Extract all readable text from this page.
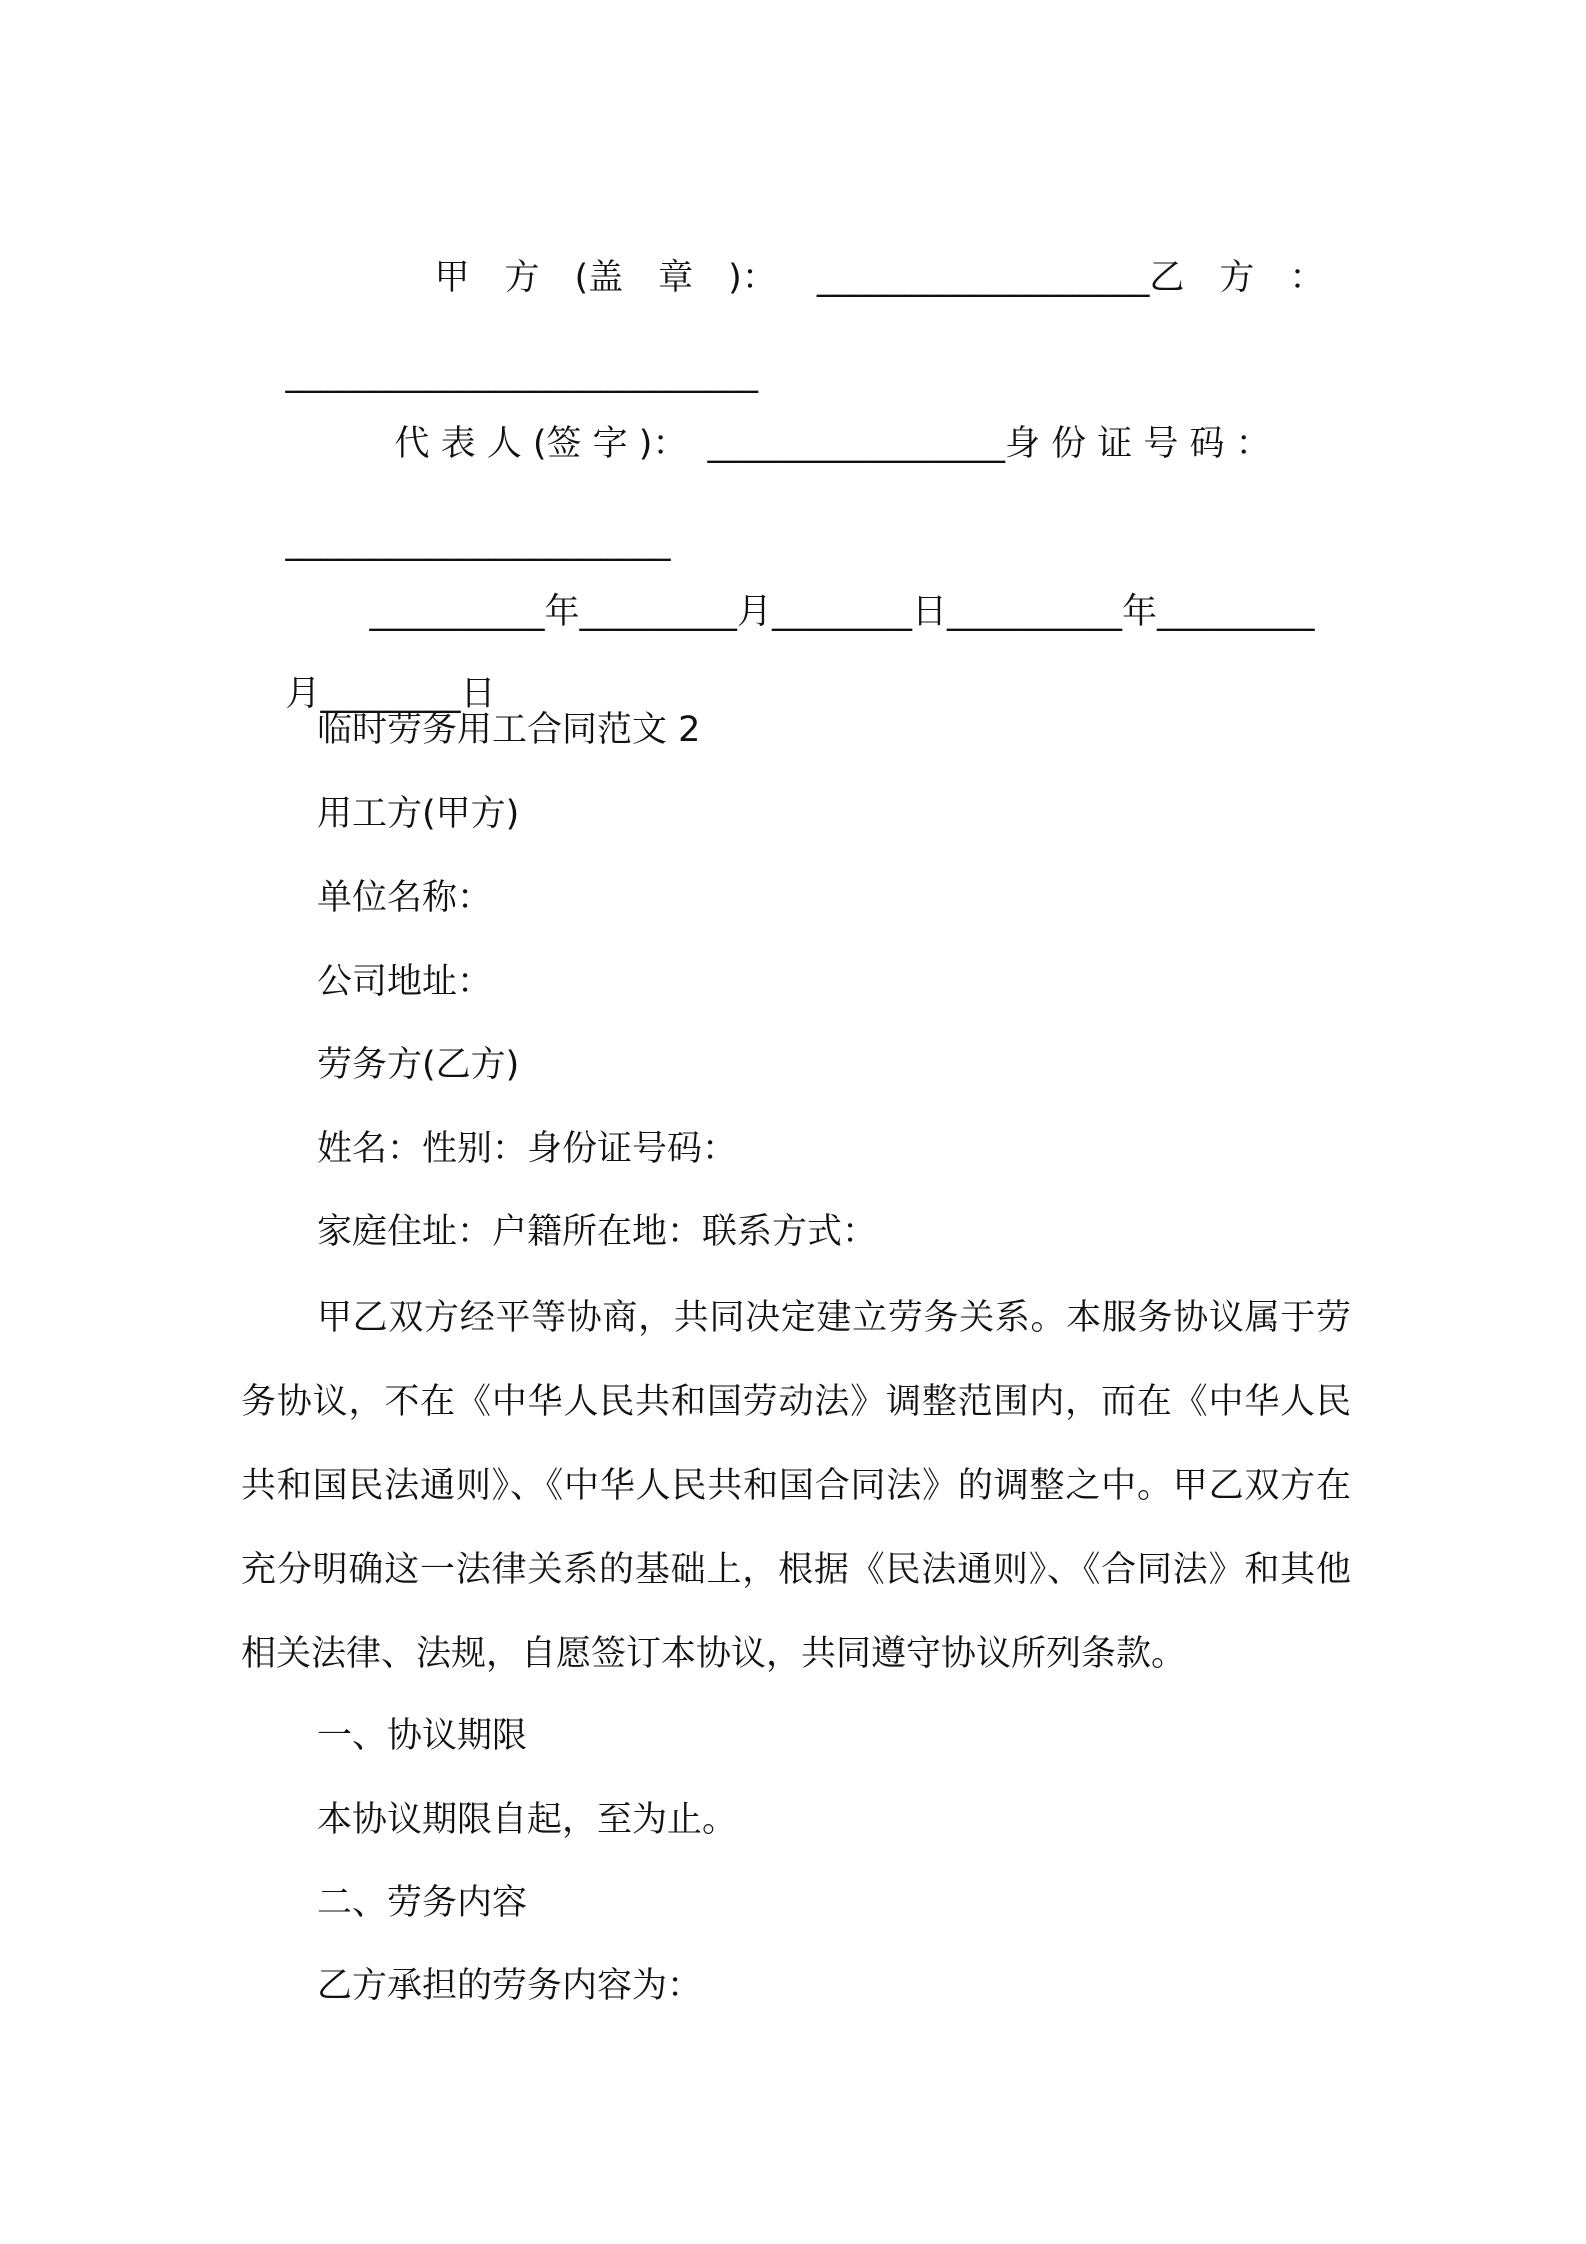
甲　方　(盖　章　)： ___________________乙　方　：

___________________________

代 表 人 (签 字 )： _________________身 份 证 号 码 ：

______________________

__________年_________月________日__________年_________

月________日

临时劳务用工合同范文 2
用工方(甲方)
单位名称：
公司地址：
劳务方(乙方)
姓名：性别：身份证号码：
家庭住址：户籍所在地：联系方式：
甲乙双方经平等协商，共同决定建立劳务关系。本服务协议属于劳务协议，不在《中华人民共和国劳动法》调整范围内，而在《中华人民共和国民法通则》、《中华人民共和国合同法》的调整之中。甲乙双方在充分明确这一法律关系的基础上，根据《民法通则》、《合同法》和其他相关法律、法规，自愿签订本协议，共同遵守协议所列条款。
一、协议期限
本协议期限自起，至为止。
二、劳务内容
乙方承担的劳务内容为：
